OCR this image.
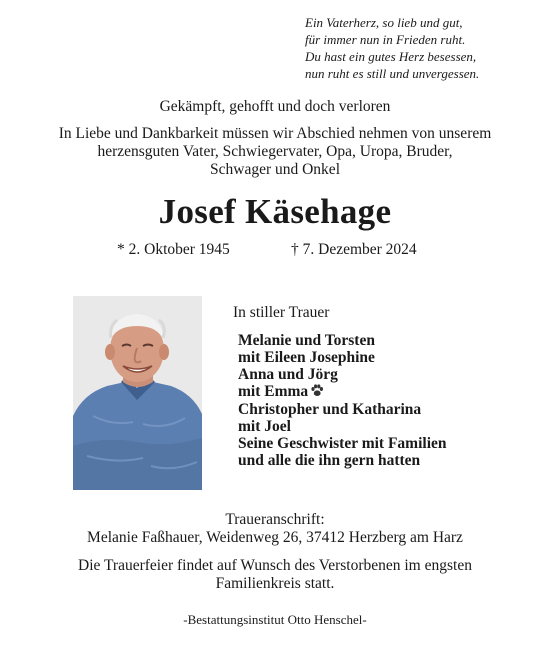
Ein Vaterherz, so lieb und gut,
für immer nun in Frieden ruht.
Du hast ein gutes Herz besessen,
nun ruht es still und unvergessen.
Gekämpft, gehofft und doch verloren
In Liebe und Dankbarkeit müssen wir Abschied nehmen von unserem
herzensguten Vater, Schwiegervater, Opa, Uropa, Bruder,
Schwager und Onkel
Josef Käsehage
* 2. Oktober 1945	† 7. Dezember 2024
In stiller Trauer
Melanie und Torsten
mit Eileen Josephine
Anna und Jörg
mit Emma
Christopher und Katharina
mit Joel
Seine Geschwister mit Familien
und alle die ihn gern hatten
Traueranschrift:
Melanie Faßhauer, Weidenweg 26, 37412 Herzberg am Harz
Die Trauerfeier findet auf Wunsch des Verstorbenen im engsten
Familienkreis statt.
-Bestattungsinstitut Otto Henschel-
